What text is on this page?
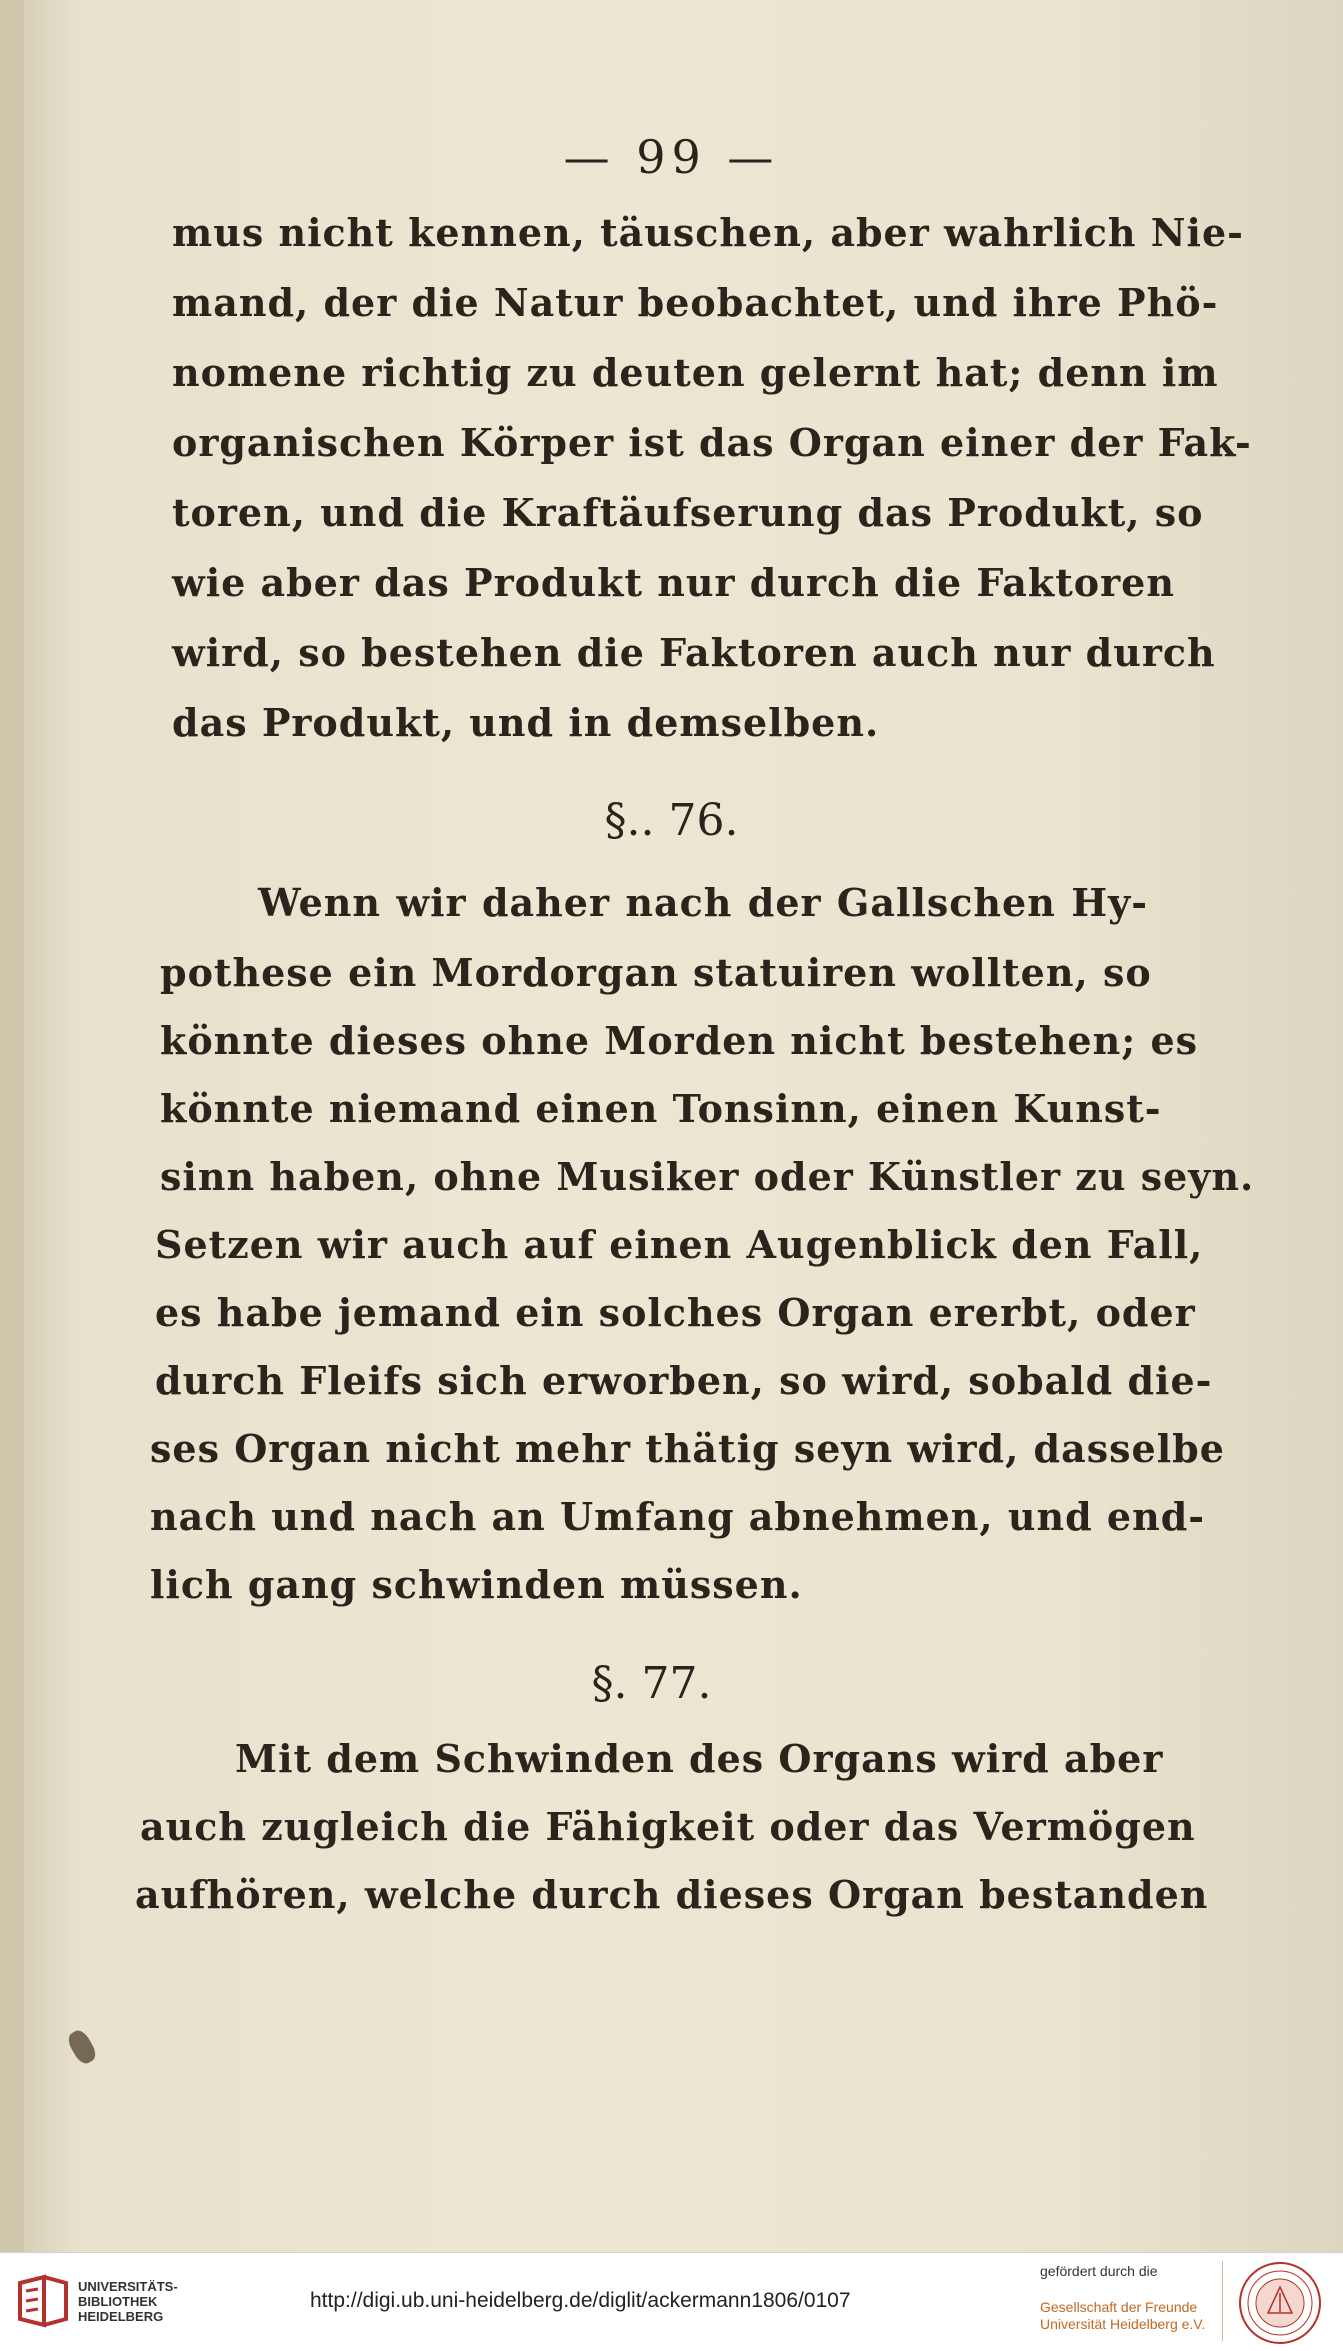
— 99 —
mus nicht kennen, täuschen, aber wahrlich Nie-
mand, der die Natur beobachtet, und ihre Phö-
nomene richtig zu deuten gelernt hat; denn im
organischen Körper ist das Organ einer der Fak-
toren, und die Kraftäufserung das Produkt, so
wie aber das Produkt nur durch die Faktoren
wird, so bestehen die Faktoren auch nur durch
das Produkt, und in demselben.
§.. 76.
Wenn wir daher nach der Gallschen Hy-
pothese ein Mordorgan statuiren wollten, so
könnte dieses ohne Morden nicht bestehen; es
könnte niemand einen Tonsinn, einen Kunst-
sinn haben, ohne Musiker oder Künstler zu seyn.
Setzen wir auch auf einen Augenblick den Fall,
es habe jemand ein solches Organ ererbt, oder
durch Fleifs sich erworben, so wird, sobald die-
ses Organ nicht mehr thätig seyn wird, dasselbe
nach und nach an Umfang abnehmen, und end-
lich gang schwinden müssen.
§. 77.
Mit dem Schwinden des Organs wird aber
auch zugleich die Fähigkeit oder das Vermögen
aufhören, welche durch dieses Organ bestanden
UNIVERSITÄTS-
BIBLIOTHEK
HEIDELBERG
http://digi.ub.uni-heidelberg.de/diglit/ackermann1806/0107
gefördert durch die
Gesellschaft der Freunde
Universität Heidelberg e.V.
